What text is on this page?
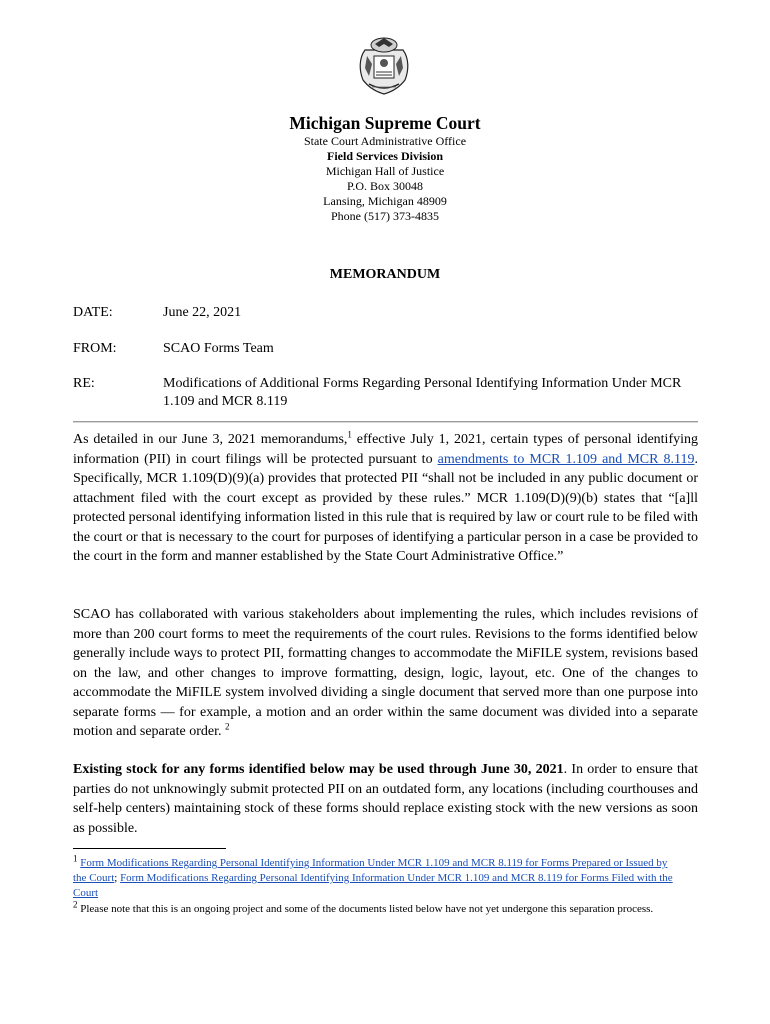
Michigan Supreme Court
State Court Administrative Office
Field Services Division
Michigan Hall of Justice
P.O. Box 30048
Lansing, Michigan 48909
Phone (517) 373-4835
MEMORANDUM
DATE:	June 22, 2021
FROM:	SCAO Forms Team
RE:	Modifications of Additional Forms Regarding Personal Identifying Information Under MCR 1.109 and MCR 8.119

As detailed in our June 3, 2021 memorandums,$^1$ effective July 1, 2021, certain types of personal identifying information (PII) in court filings will be protected pursuant to amendments to MCR 1.109 and MCR 8.119. Specifically, MCR 1.109(D)(9)(a) provides that protected PII “shall not be included in any public document or attachment filed with the court except as provided by these rules.” MCR 1.109(D)(9)(b) states that “[a]ll protected personal identifying information listed in this rule that is required by law or court rule to be filed with the court or that is necessary to the court for purposes of identifying a particular person in a case be provided to the court in the form and manner established by the State Court Administrative Office.”

SCAO has collaborated with various stakeholders about implementing the rules, which includes revisions of more than 200 court forms to meet the requirements of the court rules. Revisions to the forms identified below generally include ways to protect PII, formatting changes to accommodate the MiFILE system, revisions based on the law, and other changes to improve formatting, design, logic, layout, etc. One of the changes to accommodate the MiFILE system involved dividing a single document that served more than one purpose into separate forms — for example, a motion and an order within the same document was divided into a separate motion and separate order. $^2$

Existing stock for any forms identified below may be used through June 30, 2021. In order to ensure that parties do not unknowingly submit protected PII on an outdated form, any locations (including courthouses and self-help centers) maintaining stock of these forms should replace existing stock with the new versions as soon as possible.

$^1$ Form Modifications Regarding Personal Identifying Information Under MCR 1.109 and MCR 8.119 for Forms Prepared or Issued by the Court; Form Modifications Regarding Personal Identifying Information Under MCR 1.109 and MCR 8.119 for Forms Filed with the Court

$^2$ Please note that this is an ongoing project and some of the documents listed below have not yet undergone this separation process.
